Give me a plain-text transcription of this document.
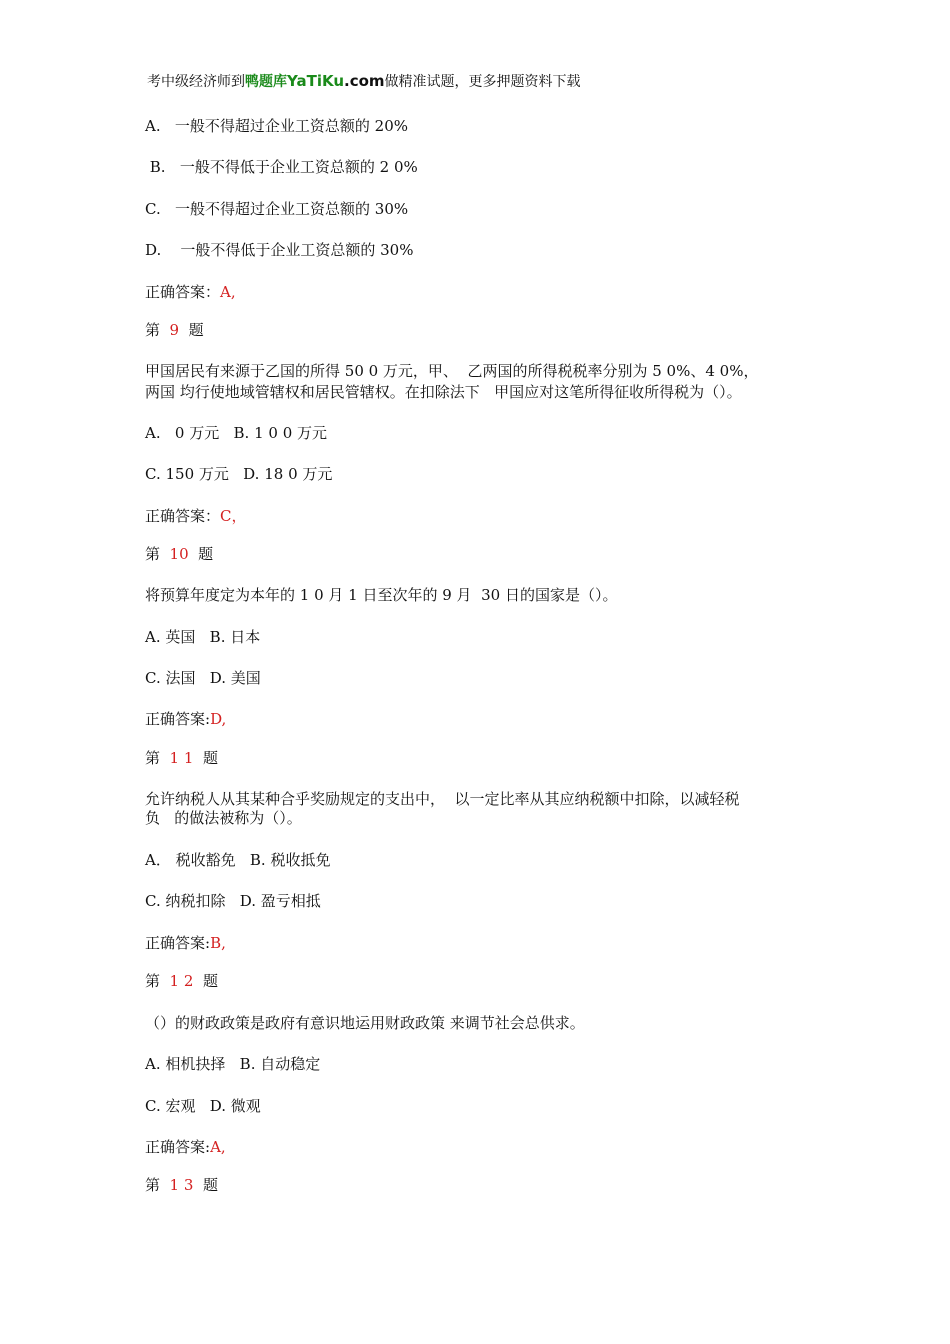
考中级经济师到鸭题库YaTiKu.com做精准试题，更多押题资料下载

A.   一般不得超过企业工资总额的 20%

B.   一般不得低于企业工资总额的 2 0%

C.   一般不得超过企业工资总额的 30%

D.    一般不得低于企业工资总额的 30%

正确答案：A,

第  9  题

甲国居民有来源于乙国的所得 50 0 万元，甲、  乙两国的所得税税率分别为 5 0%、4 0%，

两国 均行使地域管辖权和居民管辖权。在扣除法下   甲国应对这笔所得征收所得税为（）。

A.   0 万元   B. 1 0 0 万元

C. 150 万元   D. 18 0 万元

正确答案：C，

第  10  题

将预算年度定为本年的 1 0 月 1 日至次年的 9 月  30 日的国家是（）。

A. 英国   B. 日本

C. 法国   D. 美国

正确答案:D,

第  1 1  题

允许纳税人从其某种合乎奖励规定的支出中，  以一定比率从其应纳税额中扣除，以减轻税

负   的做法被称为（）。

A． 税收豁免   B. 税收抵免

C. 纳税扣除   D. 盈亏相抵

正确答案:B,

第  1 2  题

（）的财政政策是政府有意识地运用财政政策 来调节社会总供求。

A. 相机抉择   B. 自动稳定

C. 宏观   D. 微观

正确答案:A,

第  1 3  题
